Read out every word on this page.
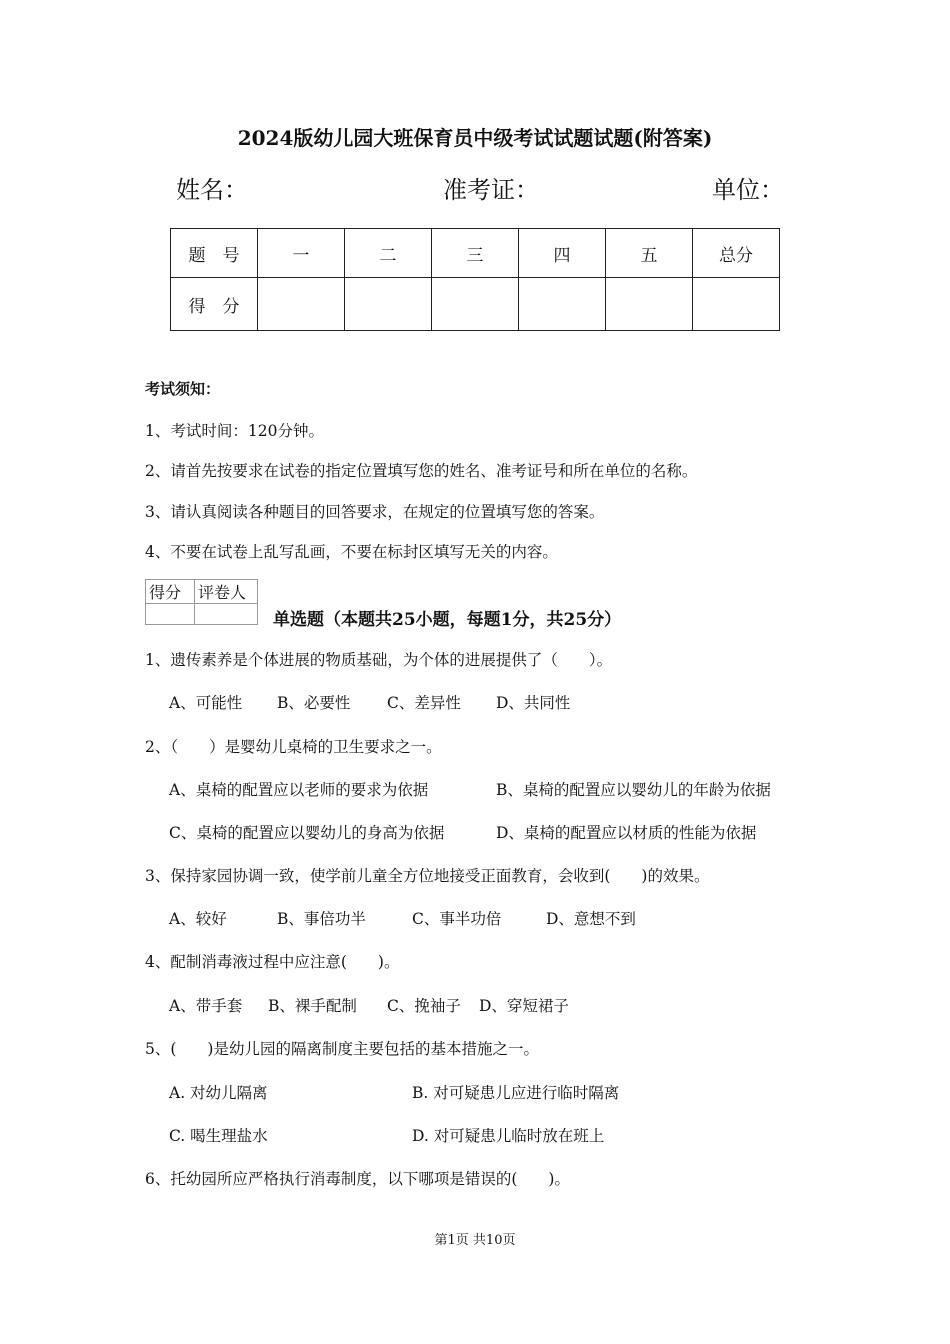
2024版幼儿园大班保育员中级考试试题试题(附答案)
姓名：	准考证：	单位：
题　号	一	二	三	四	五	总分
得　分						
考试须知：
1、考试时间：120分钟。
2、请首先按要求在试卷的指定位置填写您的姓名、准考证号和所在单位的名称。
3、请认真阅读各种题目的回答要求，在规定的位置填写您的答案。
4、不要在试卷上乱写乱画，不要在标封区填写无关的内容。
得分	评卷人

单选题（本题共25小题，每题1分，共25分）
1、遗传素养是个体进展的物质基础，为个体的进展提供了（　　）。
A、可能性 B、必要性 C、差异性 D、共同性
2、（　　）是婴幼儿桌椅的卫生要求之一。
A、桌椅的配置应以老师的要求为依据	B、桌椅的配置应以婴幼儿的年龄为依据
C、桌椅的配置应以婴幼儿的身高为依据	D、桌椅的配置应以材质的性能为依据
3、保持家园协调一致，使学前儿童全方位地接受正面教育，会收到(　　)的效果。
A、较好	B、事倍功半	C、事半功倍	D、意想不到
4、配制消毒液过程中应注意(　　)。
A、带手套 B、裸手配制 C、挽袖子 D、穿短裙子
5、(　　)是幼儿园的隔离制度主要包括的基本措施之一。
A. 对幼儿隔离	B. 对可疑患儿应进行临时隔离
C. 喝生理盐水	D. 对可疑患儿临时放在班上
6、托幼园所应严格执行消毒制度，以下哪项是错误的(　　)。
第1页 共10页
